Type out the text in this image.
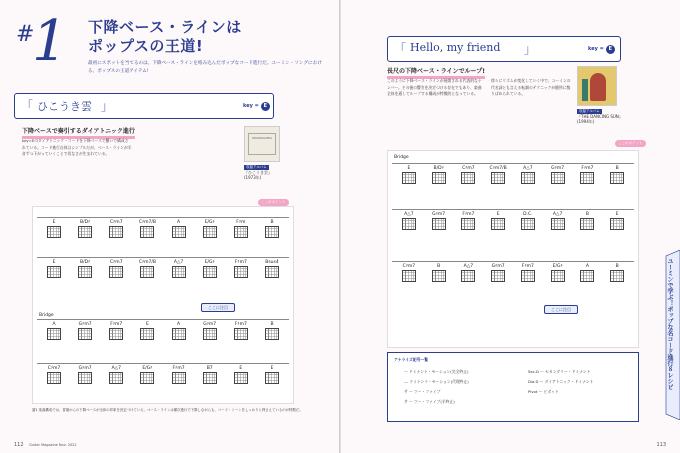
#
1 下降ベース・ラインは
ポップスの王道!
最初にスポットを当てるのは、下降ベース・ラインを絡み込んだポップなコード進行だ。ユーミン・ソングにおける、ポップスの王道アイテム!
「 ひこうき雲 」	key = E
下降ベースで奏引するダイアトニック進行
key=Eのダイアトニック・コードを下降ベースで繋いで構成されている。コード進行自体はシンプルだが、ベース・ラインが半音ずつ下がっていくことで切なさが生まれている。
HIKOKIGUMO
収録アルバム
『ひこうき雲』
(1973年)
ここがポイント
E	B/D♯	C♯m7	C♯m7/B	A	E/G♯	F♯m	B
E	B/D♯	C♯m7	C♯m7/B	A△7	E/G♯	F♯m7	Bsus4
ここに注目
Bridge
A	G♯m7	F♯m7	E	A	G♯m7	F♯m7	B
C♯m7	G♯m7	A△7	E/G♯	F♯m7	B7	E	E
譜1 楽曲構成では、冒頭からの下降ベースが全体の印象を決定づけている。ベース・ラインは順次進行で下降しながらも、コード・トーンをしっかりと押さえているのが特徴だ。
112 Guitar Magazine Nov. 2022
「 Hello, my friend 」	key = E
長尺の下降ベース・ラインでループ!
このように下降ベース・ラインが展開される代表的なナンバー。その後の響きを決定づける存在でもあり、楽曲全体を通してループする構成が特徴的となっている。
徐々にリズムが変化していく中で、ユーミンの代名詞とも言える転調のテクニックが随所に散りばめられている。
収録アルバム
『THE DANCING SUN』
(1994年)
ここがポイント
Bridge
E	B/D♯	C♯m7	C♯m7/B	A△7	G♯m7	F♯m7	B
A△7	G♯m7	F♯m7	E	D.C.	A△7	B	E
ここに注目
C♯m7	B	A△7	G♯m7	F♯m7	E/G♯	A	B
アナライズ記号一覧
ー ドミナント・モーション(完全終止)
--- ドミナント・モーション(代理終止)
サ ー ツー・ファイブ
サ ー ツー・ファイブ(半終止)
Sec.D ー セカンダリー・ドミナント
Dia.D ー ダイアトニック・ドミナント
Pivot ー ピボット
ユーミンで学ぶ！ポップな名コード進行８レシピ
113
